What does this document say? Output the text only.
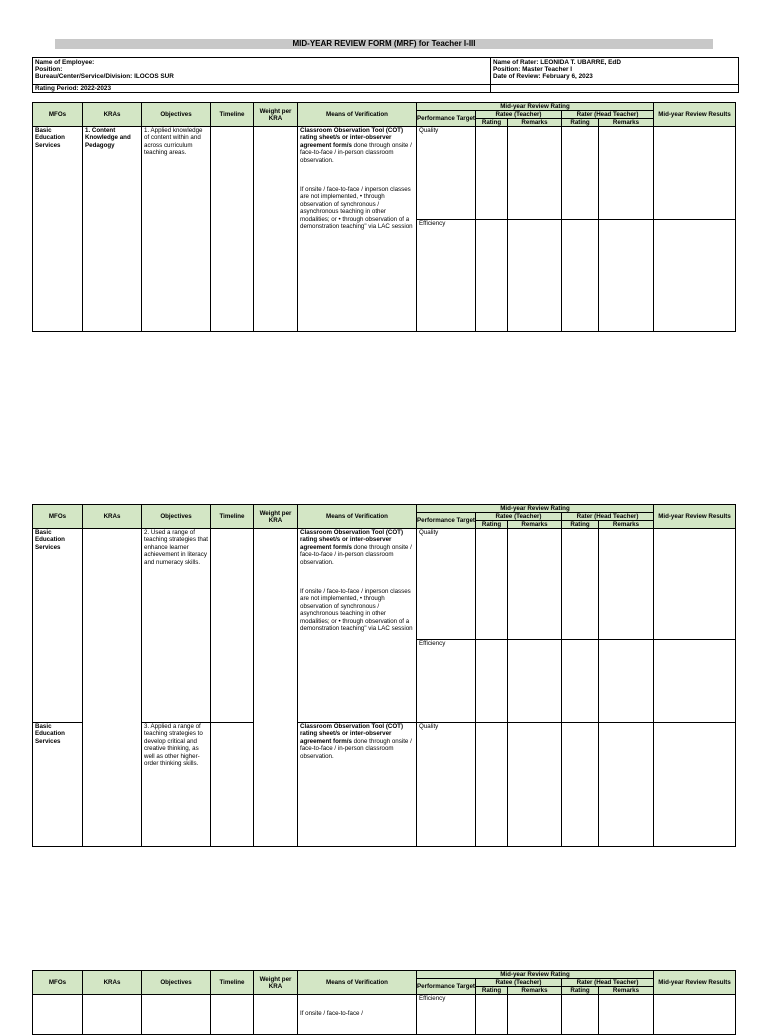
MID-YEAR REVIEW FORM (MRF) for Teacher I-III
Name of Employee:
Position:
Bureau/Center/Service/Division: ILOCOS SUR
Name of Rater: LEONIDA T. UBARRE, EdD
Position: Master Teacher I
Date of Review: February 6, 2023
Rating Period: 2022-2023
MFOs	KRAs	Objectives	Timeline	Weight per KRA	Means of Verification	Mid-year Review Rating					Mid-year Review Results
						Performance Target	Ratee (Teacher)		Rater (Head Teacher)		
							Rating	Remarks	Rating	Remarks	
Basic Education Services	1. Content Knowledge and Pedagogy	1. Applied knowledge of content within and across curriculum teaching areas.			Classroom Observation Tool (COT) rating sheet/s or inter-observer agreement form/s done through onsite / face-to-face / in-person classroom observation.

If onsite / face-to-face / inperson classes are not implemented, • through observation of synchronous / asynchronous teaching in other modalities; or • through observation of a demonstration teaching" via LAC session	Quality					
						Efficiency					
MFOs	KRAs	Objectives	Timeline	Weight per KRA	Means of Verification	Mid-year Review Rating					Mid-year Review Results
						Performance Target	Ratee (Teacher)		Rater (Head Teacher)		
							Rating	Remarks	Rating	Remarks	
Basic Education Services		2. Used a range of teaching strategies that enhance learner achievement in literacy and numeracy skills.			Classroom Observation Tool (COT) rating sheet/s or inter-observer agreement form/s done through onsite / face-to-face / in-person classroom observation.

If onsite / face-to-face / inperson classes are not implemented, • through observation of synchronous / asynchronous teaching in other modalities; or • through observation of a demonstration teaching" via LAC session	Quality					
						Efficiency					
Basic Education Services		3. Applied a range of teaching strategies to develop critical and creative thinking, as well as other higher-order thinking skills.			Classroom Observation Tool (COT) rating sheet/s or inter-observer agreement form/s done through onsite / face-to-face / in-person classroom observation.	Quality					
MFOs	KRAs	Objectives	Timeline	Weight per KRA	Means of Verification	Mid-year Review Rating					Mid-year Review Results
						Performance Target	Ratee (Teacher)		Rater (Head Teacher)		
							Rating	Remarks	Rating	Remarks	

					If onsite / face-to-face /	Efficiency					
